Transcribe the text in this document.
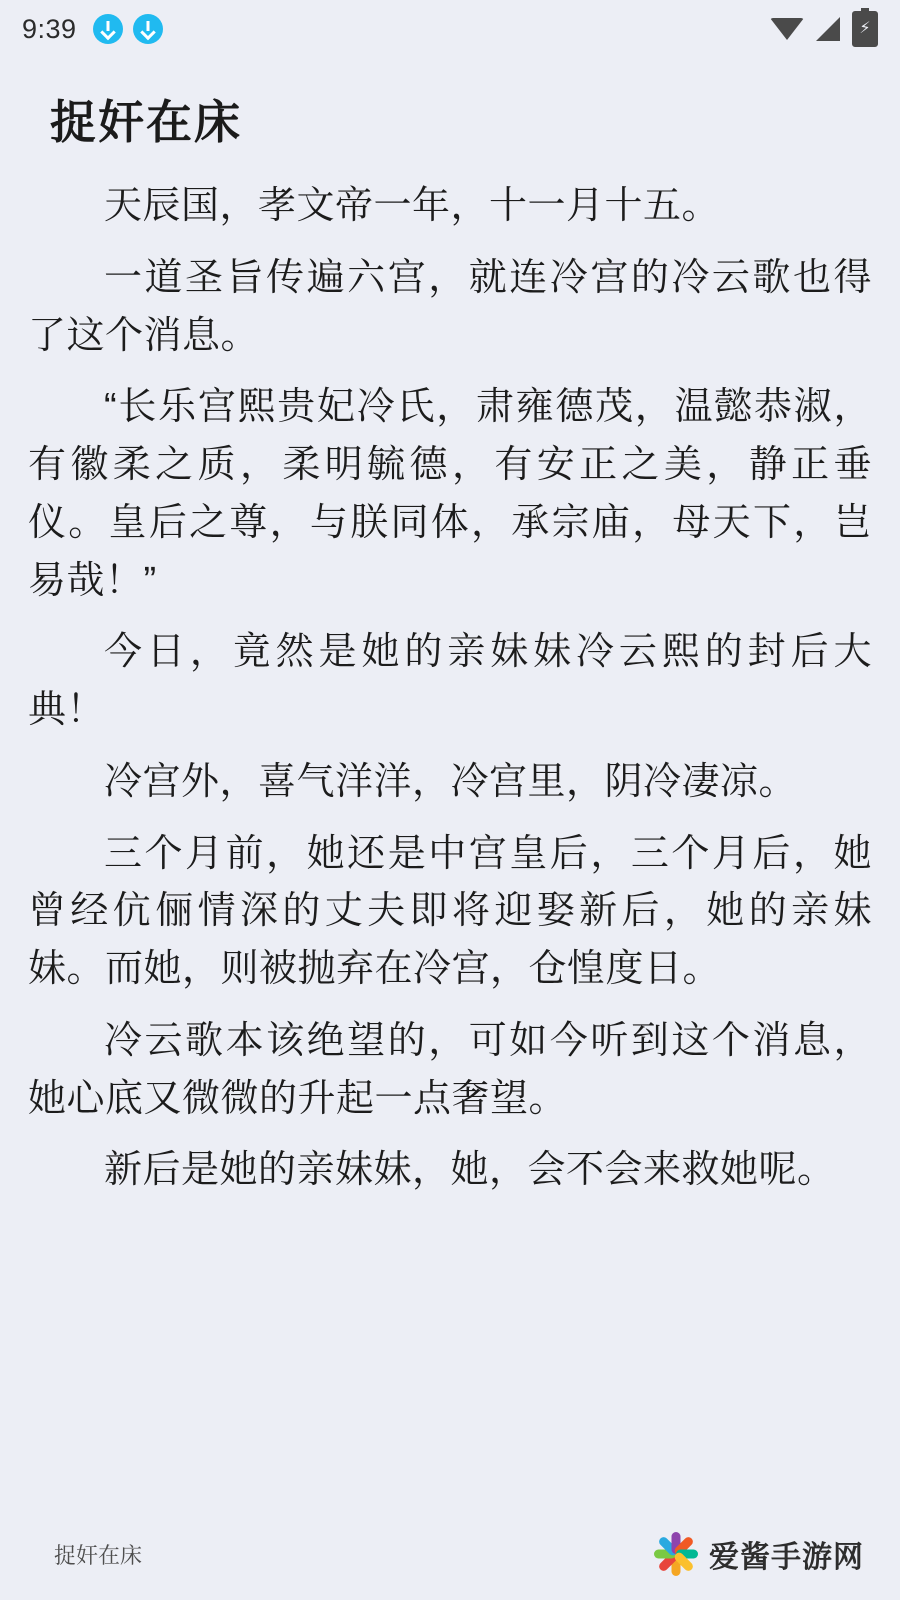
9:39
⚡
捉奸在床

天辰国，孝文帝一年，十一月十五。

一道圣旨传遍六宫，就连冷宫的冷云歌也得了这个消息。

“长乐宫熙贵妃冷氏，肃雍德茂，温懿恭淑，有徽柔之质，柔明毓德，有安正之美，静正垂仪。皇后之尊，与朕同体，承宗庙，母天下，岂易哉！”

今日，竟然是她的亲妹妹冷云熙的封后大典！

冷宫外，喜气洋洋，冷宫里，阴冷凄凉。

三个月前，她还是中宫皇后，三个月后，她曾经伉俪情深的丈夫即将迎娶新后，她的亲妹妹。而她，则被抛弃在冷宫，仓惶度日。

冷云歌本该绝望的，可如今听到这个消息，她心底又微微的升起一点奢望。

新后是她的亲妹妹，她，会不会来救她呢。

捉奸在床	爱酱手游网
